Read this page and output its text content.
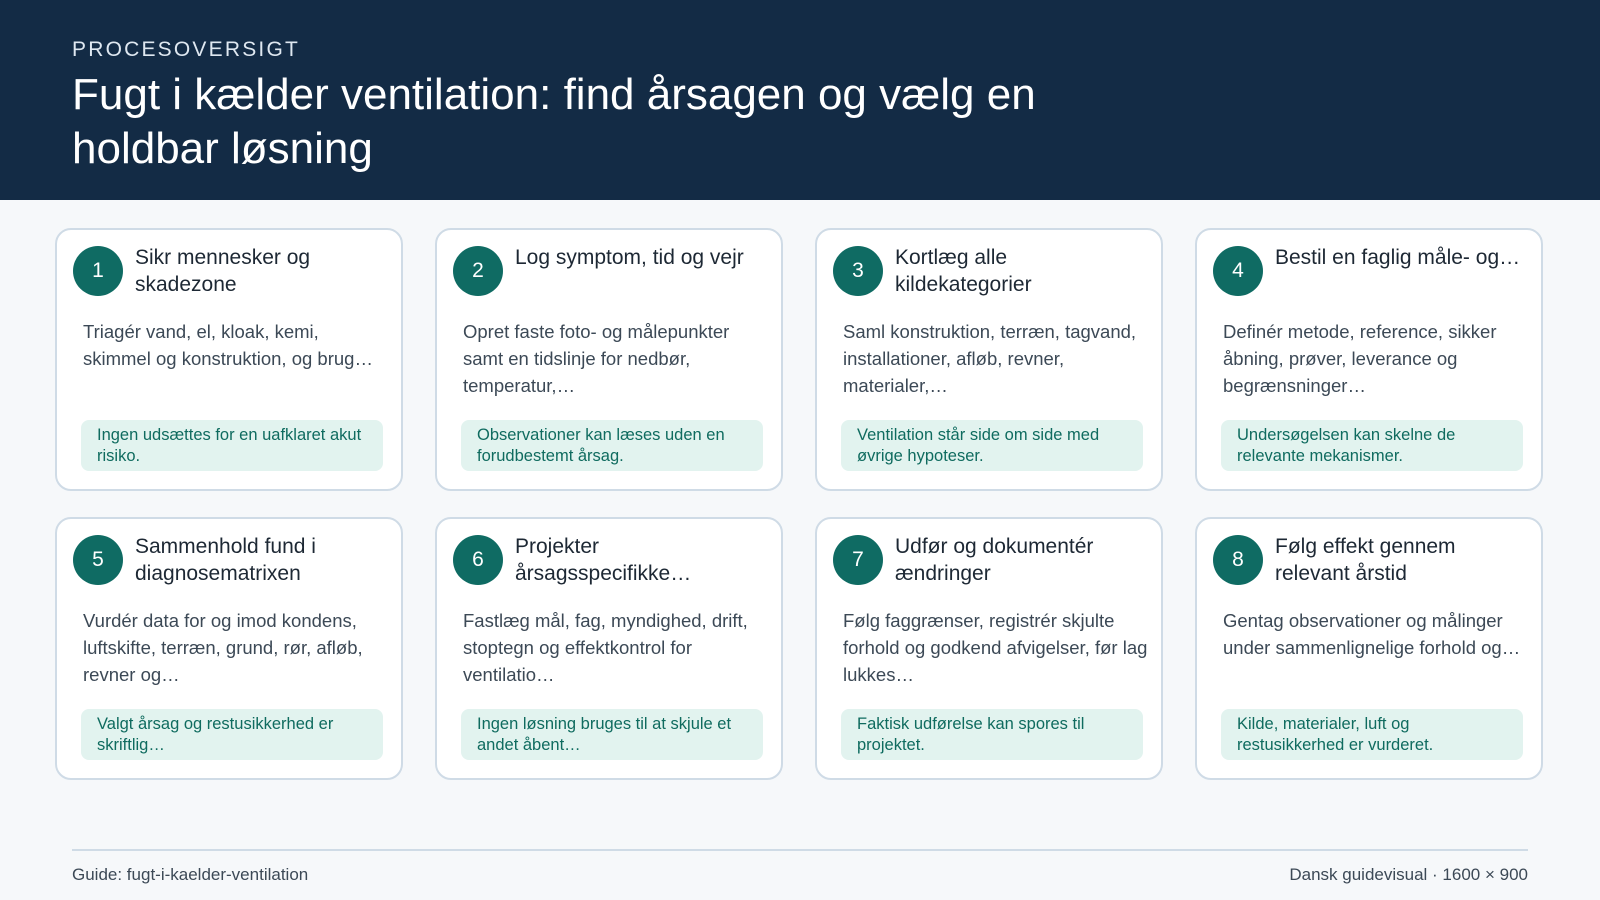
PROCESOVERSIGT
Fugt i kælder ventilation: find årsagen og vælg en holdbar løsning
1
Sikr mennesker og skadezone

Triagér vand, el, kloak, kemi, skimmel og konstruktion, og brug…

Ingen udsættes for en uafklaret akut risiko.
2
Log symptom, tid og vejr

Opret faste foto- og målepunkter samt en tidslinje for nedbør, temperatur,…

Observationer kan læses uden en forudbestemt årsag.
3
Kortlæg alle kildekategorier

Saml konstruktion, terræn, tagvand, installationer, afløb, revner, materialer,…

Ventilation står side om side med øvrige hypoteser.
4
Bestil en faglig måle- og…

Definér metode, reference, sikker åbning, prøver, leverance og begrænsninger…

Undersøgelsen kan skelne de relevante mekanismer.
5
Sammenhold fund i diagnosematrixen

Vurdér data for og imod kondens, luftskifte, terræn, grund, rør, afløb, revner og…

Valgt årsag og restusikkerhed er skriftlig…
6
Projekter årsagsspecifikke…

Fastlæg mål, fag, myndighed, drift, stoptegn og effektkontrol for ventilatio…

Ingen løsning bruges til at skjule et andet åbent…
7
Udfør og dokumentér ændringer

Følg faggrænser, registrér skjulte forhold og godkend afvigelser, før lag lukkes…

Faktisk udførelse kan spores til projektet.
8
Følg effekt gennem relevant årstid

Gentag observationer og målinger under sammenlignelige forhold og…

Kilde, materialer, luft og restusikkerhed er vurderet.
Guide: fugt-i-kaelder-ventilation	Dansk guidevisual · 1600 × 900
